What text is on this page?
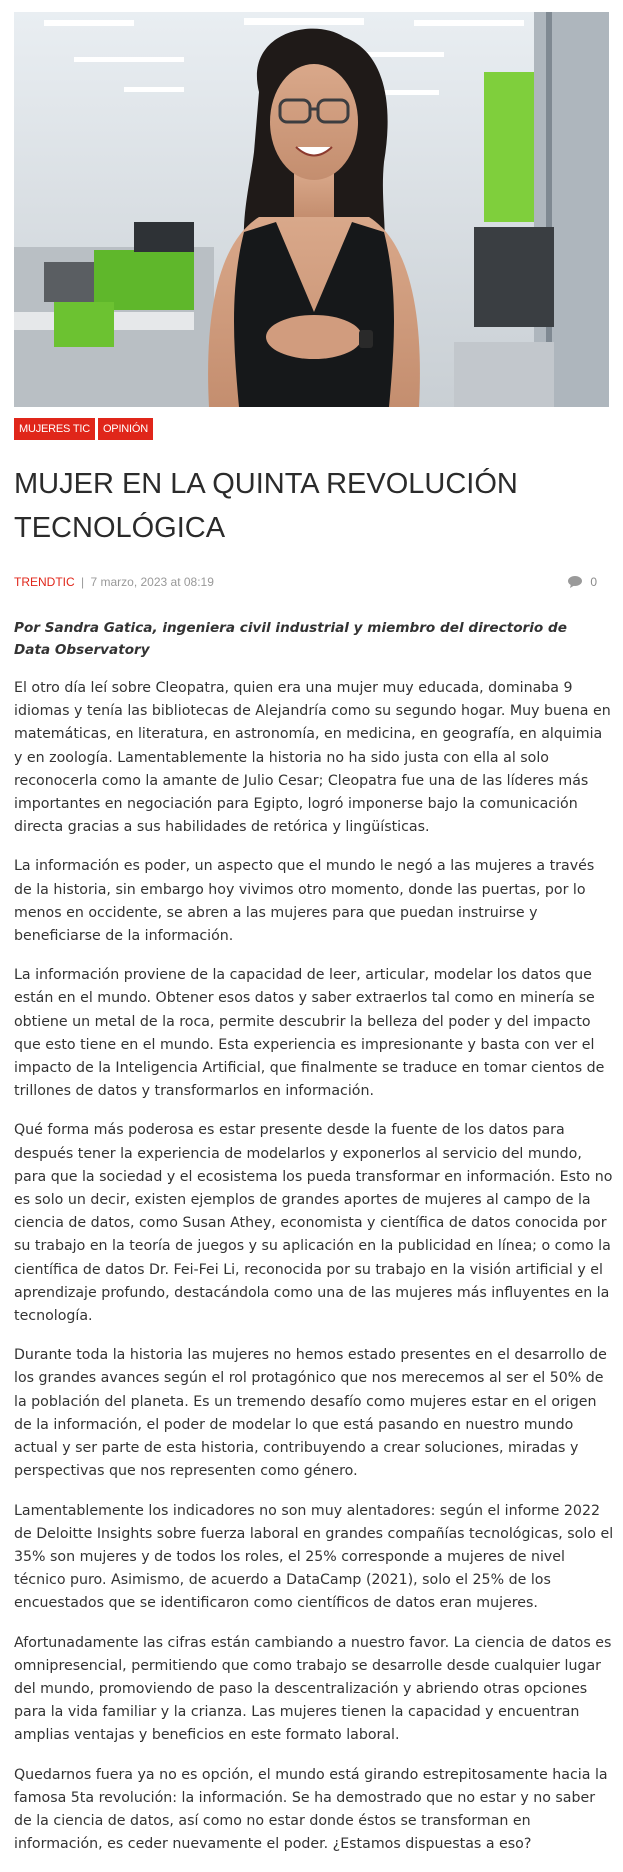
MUJERES TIC	OPINIÓN
MUJER EN LA QUINTA REVOLUCIÓN TECNOLÓGICA
TRENDTIC | 7 marzo, 2023 at 08:19	0

Por Sandra Gatica, ingeniera civil industrial y miembro del directorio de Data Observatory

El otro día leí sobre Cleopatra, quien era una mujer muy educada, dominaba 9 idiomas y tenía las bibliotecas de Alejandría como su segundo hogar. Muy buena en matemáticas, en literatura, en astronomía, en medicina, en geografía, en alquimia y en zoología. Lamentablemente la historia no ha sido justa con ella al solo reconocerla como la amante de Julio Cesar; Cleopatra fue una de las líderes más importantes en negociación para Egipto, logró imponerse bajo la comunicación directa gracias a sus habilidades de retórica y lingüísticas.

La información es poder, un aspecto que el mundo le negó a las mujeres a través de la historia, sin embargo hoy vivimos otro momento, donde las puertas, por lo menos en occidente, se abren a las mujeres para que puedan instruirse y beneficiarse de la información.

La información proviene de la capacidad de leer, articular, modelar los datos que están en el mundo. Obtener esos datos y saber extraerlos tal como en minería se obtiene un metal de la roca, permite descubrir la belleza del poder y del impacto que esto tiene en el mundo. Esta experiencia es impresionante y basta con ver el impacto de la Inteligencia Artificial, que finalmente se traduce en tomar cientos de trillones de datos y transformarlos en información.

Qué forma más poderosa es estar presente desde la fuente de los datos para después tener la experiencia de modelarlos y exponerlos al servicio del mundo, para que la sociedad y el ecosistema los pueda transformar en información. Esto no es solo un decir, existen ejemplos de grandes aportes de mujeres al campo de la ciencia de datos, como Susan Athey, economista y científica de datos conocida por su trabajo en la teoría de juegos y su aplicación en la publicidad en línea; o como la científica de datos Dr. Fei-Fei Li, reconocida por su trabajo en la visión artificial y el aprendizaje profundo, destacándola como una de las mujeres más influyentes en la tecnología.

Durante toda la historia las mujeres no hemos estado presentes en el desarrollo de los grandes avances según el rol protagónico que nos merecemos al ser el 50% de la población del planeta. Es un tremendo desafío como mujeres estar en el origen de la información, el poder de modelar lo que está pasando en nuestro mundo actual y ser parte de esta historia, contribuyendo a crear soluciones, miradas y perspectivas que nos representen como género.

Lamentablemente los indicadores no son muy alentadores: según el informe 2022 de Deloitte Insights sobre fuerza laboral en grandes compañías tecnológicas, solo el 35% son mujeres y de todos los roles, el 25% corresponde a mujeres de nivel técnico puro. Asimismo, de acuerdo a DataCamp (2021), solo el 25% de los encuestados que se identificaron como científicos de datos eran mujeres.

Afortunadamente las cifras están cambiando a nuestro favor. La ciencia de datos es omnipresencial, permitiendo que como trabajo se desarrolle desde cualquier lugar del mundo, promoviendo de paso la descentralización y abriendo otras opciones para la vida familiar y la crianza. Las mujeres tienen la capacidad y encuentran amplias ventajas y beneficios en este formato laboral.

Quedarnos fuera ya no es opción, el mundo está girando estrepitosamente hacia la famosa 5ta revolución: la información. Se ha demostrado que no estar y no saber de la ciencia de datos, así como no estar donde éstos se transforman en información, es ceder nuevamente el poder. ¿Estamos dispuestas a eso?
